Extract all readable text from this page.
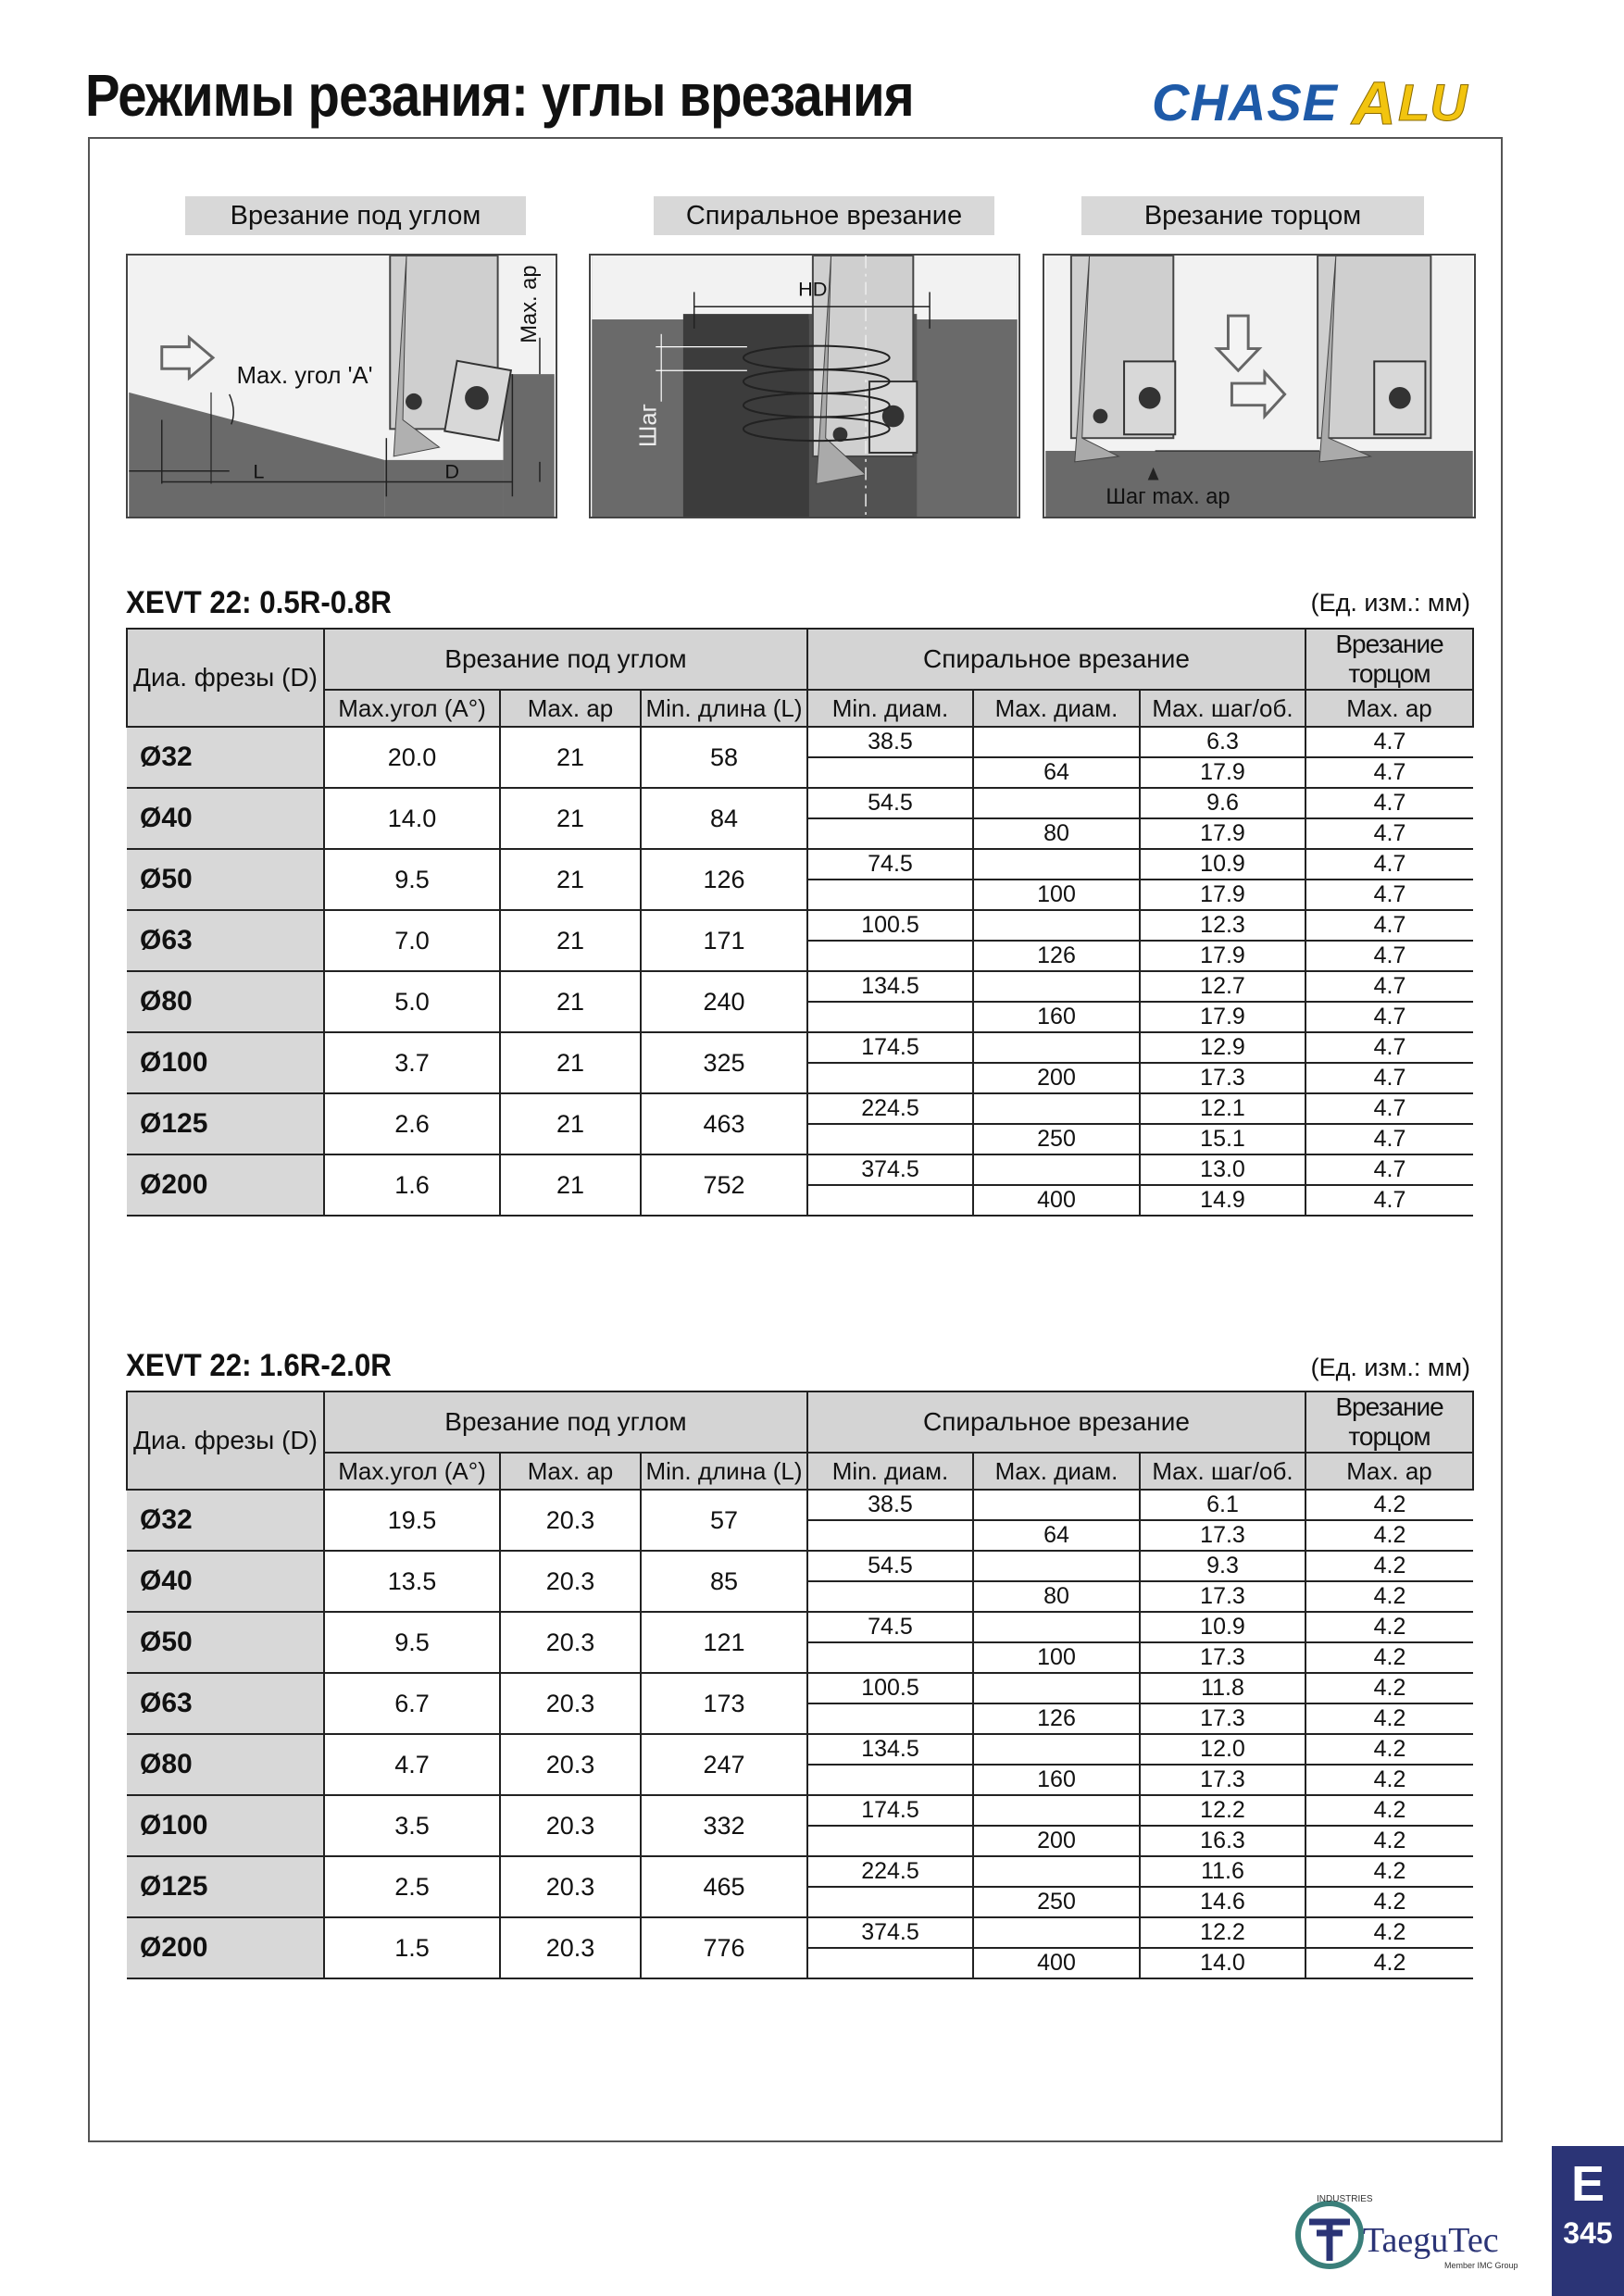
Режимы резания: углы врезания	CHASE A LU
Врезание под углом	Спиральное врезание	Врезание торцом
Max. угол 'A'
L	D
Max. ap	HD
Шаг
Шаг max. ap
XEVT 22: 0.5R-0.8R	(Ед. изм.: мм)
Диа. фрезы (D)	Врезание под углом			Спиральное врезание			Врезание торцом
	Max.угол (A°)	Max. ap	Min. длина (L)	Min. диам.	Max. диам.	Max. шаг/об.	Max. ap
Ø32	20.0	21	58	38.5		6.3	4.7
					64	17.9	4.7
Ø40	14.0	21	84	54.5		9.6	4.7
					80	17.9	4.7
Ø50	9.5	21	126	74.5		10.9	4.7
					100	17.9	4.7
Ø63	7.0	21	171	100.5		12.3	4.7
					126	17.9	4.7
Ø80	5.0	21	240	134.5		12.7	4.7
					160	17.9	4.7
Ø100	3.7	21	325	174.5		12.9	4.7
					200	17.3	4.7
Ø125	2.6	21	463	224.5		12.1	4.7
					250	15.1	4.7
Ø200	1.6	21	752	374.5		13.0	4.7
					400	14.9	4.7
XEVT 22: 1.6R-2.0R	(Ед. изм.: мм)
Диа. фрезы (D)	Врезание под углом			Спиральное врезание			Врезание торцом
	Max.угол (A°)	Max. ap	Min. длина (L)	Min. диам.	Max. диам.	Max. шаг/об.	Max. ap
Ø32	19.5	20.3	57	38.5		6.1	4.2
					64	17.3	4.2
Ø40	13.5	20.3	85	54.5		9.3	4.2
					80	17.3	4.2
Ø50	9.5	20.3	121	74.5		10.9	4.2
					100	17.3	4.2
Ø63	6.7	20.3	173	100.5		11.8	4.2
					126	17.3	4.2
Ø80	4.7	20.3	247	134.5		12.0	4.2
					160	17.3	4.2
Ø100	3.5	20.3	332	174.5		12.2	4.2
					200	16.3	4.2
Ø125	2.5	20.3	465	224.5		11.6	4.2
					250	14.6	4.2
Ø200	1.5	20.3	776	374.5		12.2	4.2
					400	14.0	4.2
INDUSTRIES
TaeguTec
Member IMC Group
E
345
